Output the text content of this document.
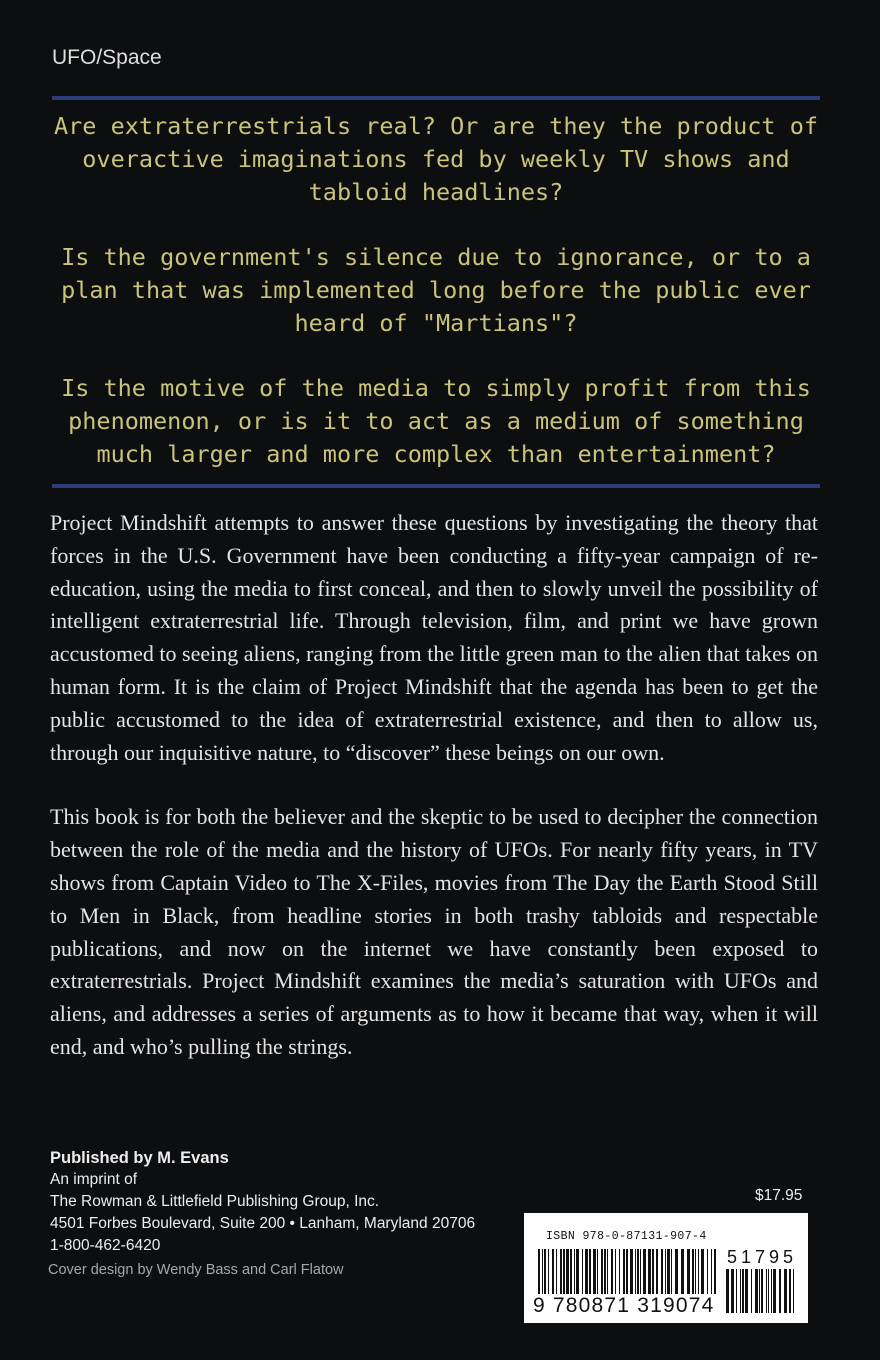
UFO/Space

Are extraterrestrials real? Or are they the product of overactive imaginations fed by weekly TV shows and tabloid headlines?

Is the government's silence due to ignorance, or to a plan that was implemented long before the public ever heard of "Martians"?

Is the motive of the media to simply profit from this phenomenon, or is it to act as a medium of something much larger and more complex than entertainment?

Project Mindshift attempts to answer these questions by investigating the theory that forces in the U.S. Government have been conducting a fifty-year campaign of re-education, using the media to first conceal, and then to slowly unveil the possibility of intelligent extraterrestrial life. Through television, film, and print we have grown accustomed to seeing aliens, ranging from the little green man to the alien that takes on human form. It is the claim of Project Mindshift that the agenda has been to get the public accustomed to the idea of extraterrestrial existence, and then to allow us, through our inquisitive nature, to “discover” these beings on our own.

This book is for both the believer and the skeptic to be used to decipher the connection between the role of the media and the history of UFOs. For nearly fifty years, in TV shows from Captain Video to The X-Files, movies from The Day the Earth Stood Still to Men in Black, from headline stories in both trashy tabloids and respectable publications, and now on the internet we have constantly been exposed to extraterrestrials. Project Mindshift examines the media’s saturation with UFOs and aliens, and addresses a series of arguments as to how it became that way, when it will end, and who’s pulling the strings.

Published by M. Evans
An imprint of
The Rowman & Littlefield Publishing Group, Inc.
4501 Forbes Boulevard, Suite 200 • Lanham, Maryland 20706
1-800-462-6420
Cover design by Wendy Bass and Carl Flatow
$17.95
ISBN 978-0-87131-907-4
9 780871 319074
51795
